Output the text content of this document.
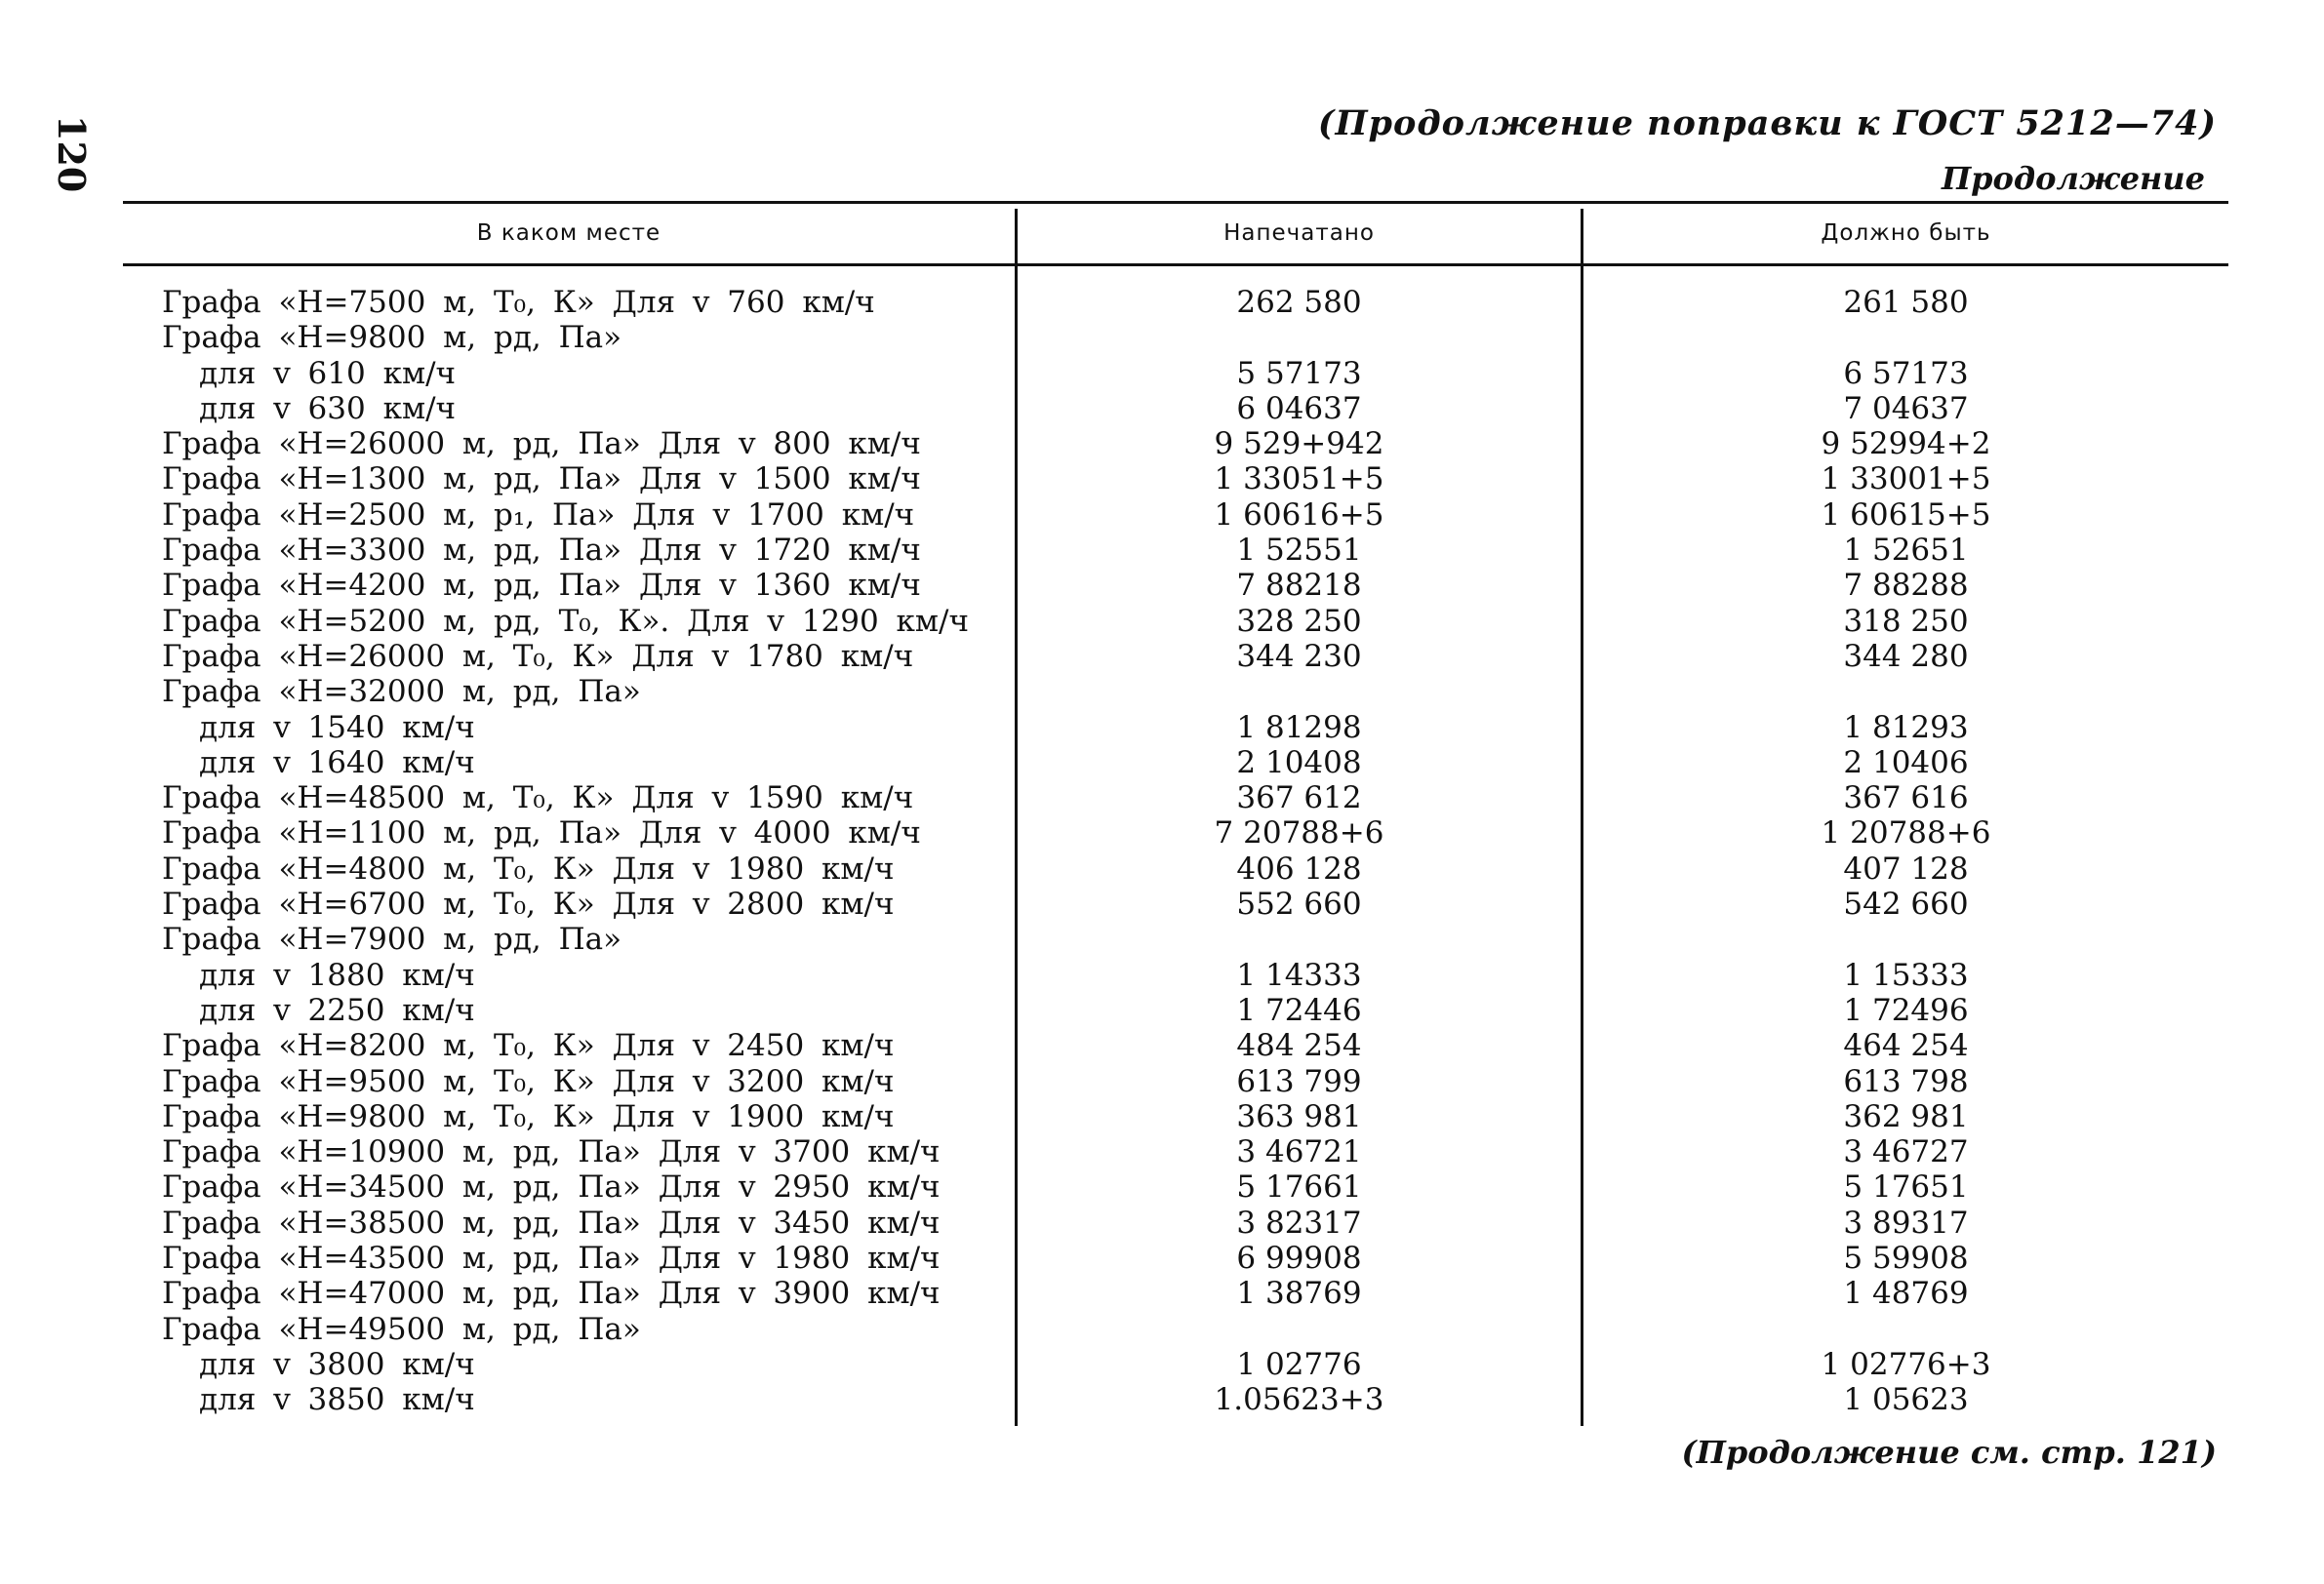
120	(Продолжение поправки к ГОСТ 5212—74)
Продолжение
В каком месте	Напечатано	Должно быть
Графа «H=7500 м, Т₀, К» Для v 760 км/ч	262 580	261 580
Графа «H=9800 м, pд, Па»
для v 610 км/ч	5 57173	6 57173
для v 630 км/ч	6 04637	7 04637
Графа «H=26000 м, pд, Па» Для v 800 км/ч	9 529+942	9 52994+2
Графа «H=1300 м, pд, Па» Для v 1500 км/ч	1 33051+5	1 33001+5
Графа «H=2500 м, p₁, Па» Для v 1700 км/ч	1 60616+5	1 60615+5
Графа «H=3300 м, pд, Па» Для v 1720 км/ч	1 52551	1 52651
Графа «H=4200 м, pд, Па» Для v 1360 км/ч	7 88218	7 88288
Графа «H=5200 м, pд, Т₀, К». Для v 1290 км/ч	328 250	318 250
Графа «H=26000 м, Т₀, К» Для v 1780 км/ч	344 230	344 280
Графа «H=32000 м, pд, Па»
для v 1540 км/ч	1 81298	1 81293
для v 1640 км/ч	2 10408	2 10406
Графа «H=48500 м, Т₀, К» Для v 1590 км/ч	367 612	367 616
Графа «H=1100 м, pд, Па» Для v 4000 км/ч	7 20788+6	1 20788+6
Графа «H=4800 м, Т₀, К» Для v 1980 км/ч	406 128	407 128
Графа «H=6700 м, Т₀, К» Для v 2800 км/ч	552 660	542 660
Графа «H=7900 м, pд, Па»
для v 1880 км/ч	1 14333	1 15333
для v 2250 км/ч	1 72446	1 72496
Графа «H=8200 м, Т₀, К» Для v 2450 км/ч	484 254	464 254
Графа «H=9500 м, Т₀, К» Для v 3200 км/ч	613 799	613 798
Графа «H=9800 м, Т₀, К» Для v 1900 км/ч	363 981	362 981
Графа «H=10900 м, pд, Па» Для v 3700 км/ч	3 46721	3 46727
Графа «H=34500 м, pд, Па» Для v 2950 км/ч	5 17661	5 17651
Графа «H=38500 м, pд, Па» Для v 3450 км/ч	3 82317	3 89317
Графа «H=43500 м, pд, Па» Для v 1980 км/ч	6 99908	5 59908
Графа «H=47000 м, pд, Па» Для v 3900 км/ч	1 38769	1 48769
Графа «H=49500 м, pд, Па»
для v 3800 км/ч	1 02776	1 02776+3
для v 3850 км/ч	1.05623+3	1 05623
(Продолжение см. стр. 121)
